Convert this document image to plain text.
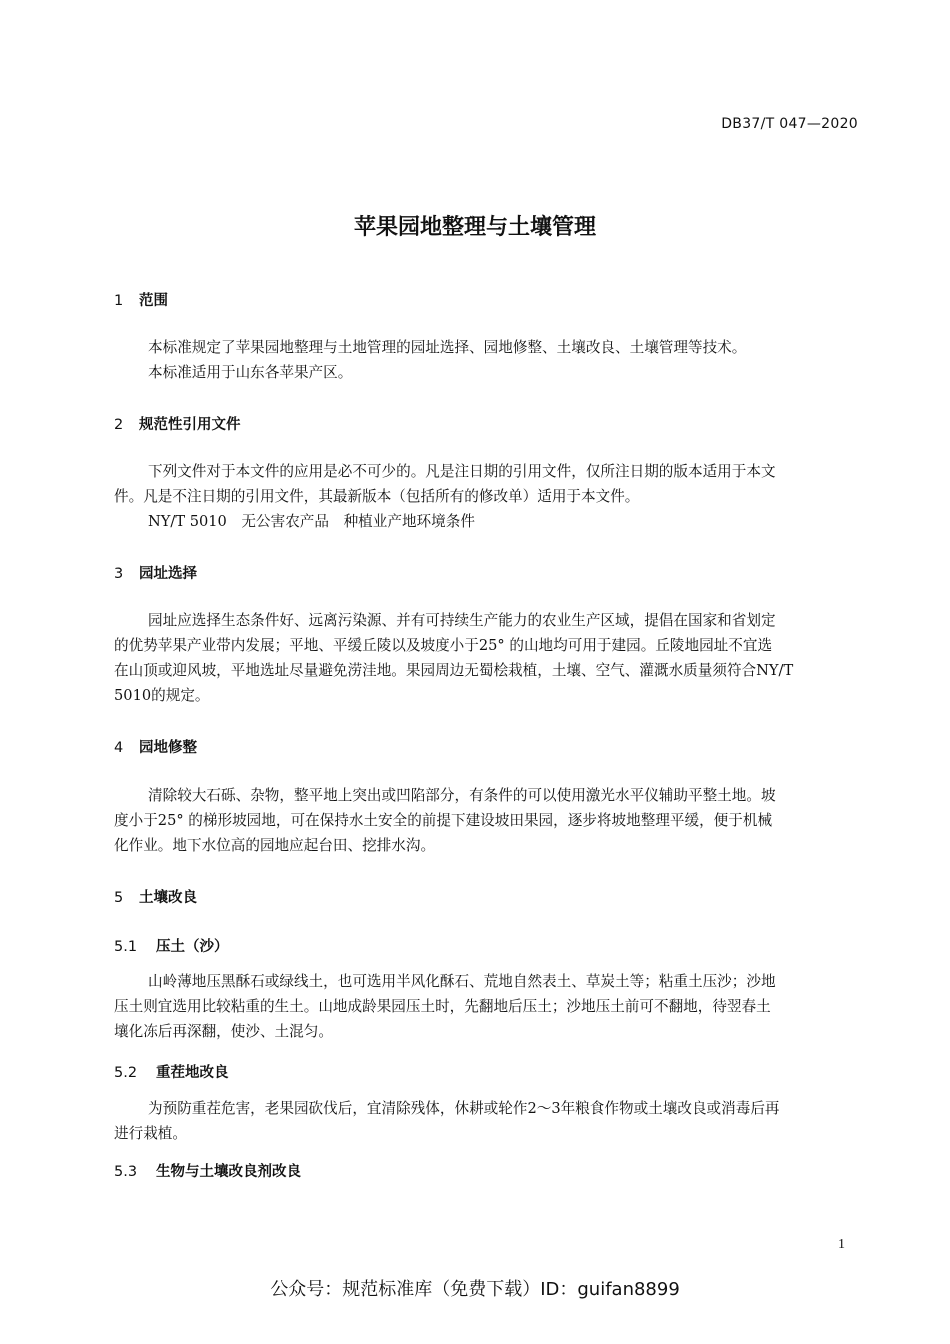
DB37/T 047—2020
苹果园地整理与土壤管理
1 范围
本标准规定了苹果园地整理与土地管理的园址选择、园地修整、土壤改良、土壤管理等技术。
本标准适用于山东各苹果产区。
2 规范性引用文件
下列文件对于本文件的应用是必不可少的。凡是注日期的引用文件，仅所注日期的版本适用于本文
件。凡是不注日期的引用文件，其最新版本（包括所有的修改单）适用于本文件。
NY/T 5010　无公害农产品　种植业产地环境条件
3 园址选择
园址应选择生态条件好、远离污染源、并有可持续生产能力的农业生产区域，提倡在国家和省划定
的优势苹果产业带内发展；平地、平缓丘陵以及坡度小于25° 的山地均可用于建园。丘陵地园址不宜选
在山顶或迎风坡，平地选址尽量避免涝洼地。果园周边无蜀桧栽植，土壤、空气、灌溉水质量须符合NY/T
5010的规定。
4 园地修整
清除较大石砾、杂物，整平地上突出或凹陷部分，有条件的可以使用激光水平仪辅助平整土地。坡
度小于25° 的梯形坡园地，可在保持水土安全的前提下建设坡田果园，逐步将坡地整理平缓，便于机械
化作业。地下水位高的园地应起台田、挖排水沟。
5 土壤改良
5.1 压土（沙）
山岭薄地压黑酥石或绿线土，也可选用半风化酥石、荒地自然表土、草炭土等；粘重土压沙；沙地
压土则宜选用比较粘重的生土。山地成龄果园压土时，先翻地后压土；沙地压土前可不翻地，待翌春土
壤化冻后再深翻，使沙、土混匀。
5.2 重茬地改良
为预防重茬危害，老果园砍伐后，宜清除残体，休耕或轮作2～3年粮食作物或土壤改良或消毒后再
进行栽植。
5.3 生物与土壤改良剂改良
1
公众号：规范标准库（免费下载）ID：guifan8899
